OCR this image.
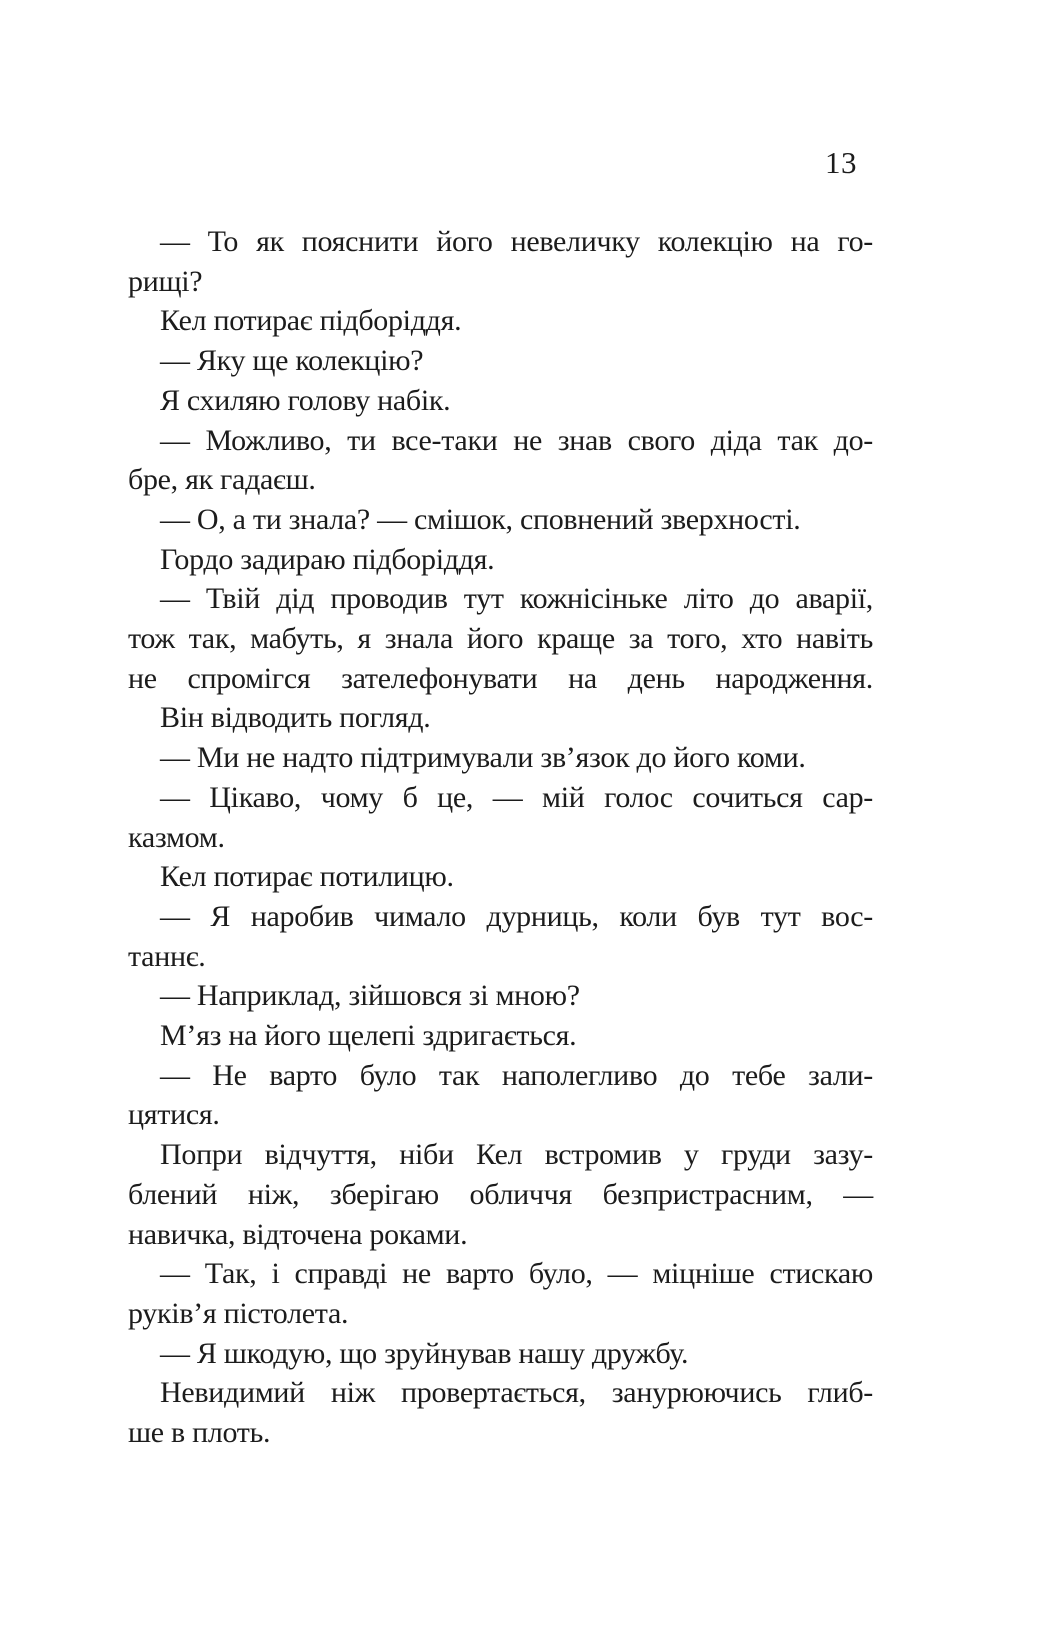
13
— То як пояснити його невеличку колекцію на го-
рищі?
Кел потирає підборіддя.
— Яку ще колекцію?
Я схиляю голову набік.
— Можливо, ти все-таки не знав свого діда так до-
бре, як гадаєш.
— О, а ти знала? — смішок, сповнений зверхності.
Гордо задираю підборіддя.
— Твій дід проводив тут кожнісіньке літо до аварії,
тож так, мабуть, я знала його краще за того, хто навіть
не спромігся зателефонувати на день народження.
Він відводить погляд.
— Ми не надто підтримували зв’язок до його коми.
— Цікаво, чому б це, — мій голос сочиться сар-
казмом.
Кел потирає потилицю.
— Я наробив чимало дурниць, коли був тут вос-
таннє.
— Наприклад, зійшовся зі мною?
М’яз на його щелепі здригається.
— Не варто було так наполегливо до тебе зали-
цятися.
Попри відчуття, ніби Кел встромив у груди зазу-
блений ніж, зберігаю обличчя безпристрасним, —
навичка, відточена роками.
— Так, і справді не варто було, — міцніше стискаю
руків’я пістолета.
— Я шкодую, що зруйнував нашу дружбу.
Невидимий ніж провертається, занурюючись глиб-
ше в плоть.
